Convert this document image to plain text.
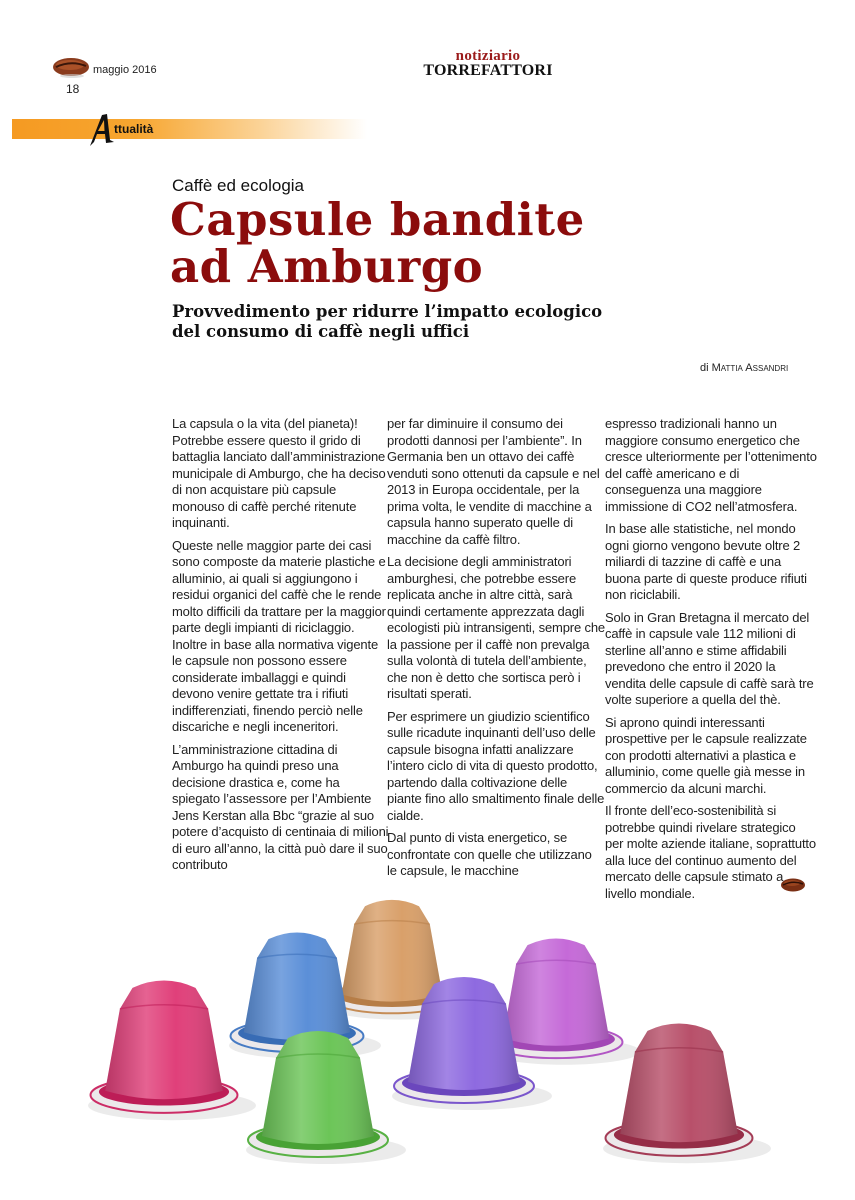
maggio 2016
18
notiziario
TORREFATTORI
ttualità
Caffè ed ecologia
Capsule bandite
ad Amburgo
Provvedimento per ridurre l’impatto ecologico
del consumo di caffè negli uffici
di Mattia Assandri

La capsula o la vita (del pianeta)! Potrebbe essere questo il grido di battaglia lanciato dall’amministrazione municipale di Amburgo, che ha deciso di non acquistare più capsule monouso di caffè perché ritenute inquinanti.

Queste nelle maggior parte dei casi sono composte da materie plastiche e alluminio, ai quali si aggiungono i residui organici del caffè che le rende molto difficili da trattare per la maggior parte degli impianti di riciclaggio. Inoltre in base alla normativa vigente le capsule non possono essere considerate imballaggi e quindi devono venire gettate tra i rifiuti indifferenziati, finendo perciò nelle discariche e negli inceneritori.

L’amministrazione cittadina di Amburgo ha quindi preso una decisione drastica e, come ha spiegato l’assessore per l’Ambiente Jens Kerstan alla Bbc “grazie al suo potere d’acquisto di centinaia di milioni di euro all’anno, la città può dare il suo contributo

per far diminuire il consumo dei prodotti dannosi per l’ambiente”. In Germania ben un ottavo dei caffè venduti sono ottenuti da capsule e nel 2013 in Europa occidentale, per la prima volta, le vendite di macchine a capsula hanno superato quelle di macchine da caffè filtro.

La decisione degli amministratori amburghesi, che potrebbe essere replicata anche in altre città, sarà quindi certamente apprezzata dagli ecologisti più intransigenti, sempre che la passione per il caffè non prevalga sulla volontà di tutela dell’ambiente, che non è detto che sortisca però i risultati sperati.

Per esprimere un giudizio scientifico sulle ricadute inquinanti dell’uso delle capsule bisogna infatti analizzare l’intero ciclo di vita di questo prodotto, partendo dalla coltivazione delle piante fino allo smaltimento finale delle cialde.

Dal punto di vista energetico, se confrontate con quelle che utilizzano le capsule, le macchine

espresso tradizionali hanno un maggiore consumo energetico che cresce ulteriormente per l’ottenimento del caffè americano e di conseguenza una maggiore immissione di CO2 nell’atmosfera.

In base alle statistiche, nel mondo ogni giorno vengono bevute oltre 2 miliardi di tazzine di caffè e una buona parte di queste produce rifiuti non riciclabili.

Solo in Gran Bretagna il mercato del caffè in capsule vale 112 milioni di sterline all’anno e stime affidabili prevedono che entro il 2020 la vendita delle capsule di caffè sarà tre volte superiore a quella del thè.

Si aprono quindi interessanti prospettive per le capsule realizzate con prodotti alternativi a plastica e alluminio, come quelle già messe in commercio da alcuni marchi.

Il fronte dell’eco-sostenibilità si potrebbe quindi rivelare strategico per molte aziende italiane, soprattutto alla luce del continuo aumento del mercato delle capsule stimato a livello mondiale.
